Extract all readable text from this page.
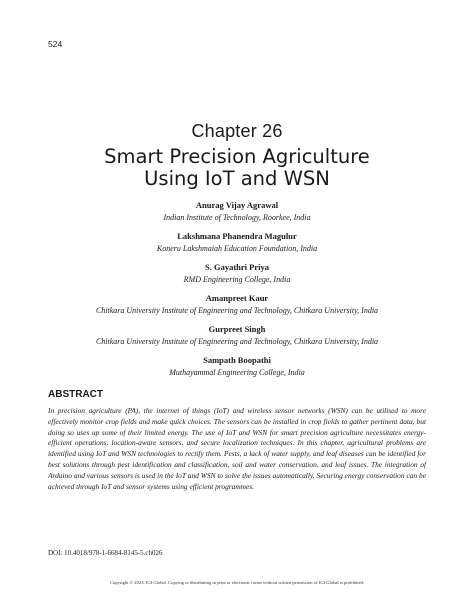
524
Chapter 26
Smart Precision Agriculture
Using IoT and WSN
Anurag Vijay Agrawal
Indian Institute of Technology, Roorkee, India
Lakshmana Phanendra Magulur
Koneru Lakshmaiah Education Foundation, India
S. Gayathri Priya
RMD Engineering College, India
Amanpreet Kaur
Chitkara University Institute of Engineering and Technology, Chitkara University, India
Gurpreet Singh
Chitkara University Institute of Engineering and Technology, Chitkara University, India
Sampath Boopathi
Muthayammal Engineering College, India
ABSTRACT

In precision agriculture (PA), the internet of things (IoT) and wireless sensor networks (WSN) can be utilised to more effectively monitor crop fields and make quick choices. The sensors can be installed in crop fields to gather pertinent data, but doing so uses up some of their limited energy. The use of IoT and WSN for smart precision agriculture necessitates energy-efficient operations, location-aware sensors, and secure localization techniques. In this chapter, agricultural problems are identified using IoT and WSN technologies to rectify them. Pests, a lack of water supply, and leaf diseases can be identified for best solutions through pest identification and classification, soil and water conservation, and leaf issues. The integration of Arduino and various sensors is used in the IoT and WSN to solve the issues automatically. Securing energy conservation can be achieved through IoT and sensor systems using efficient programmes.

DOI: 10.4018/978-1-6684-8145-5.ch026
Copyright © 2023, IGI Global. Copying or distributing in print or electronic forms without written permission of IGI Global is prohibited.
